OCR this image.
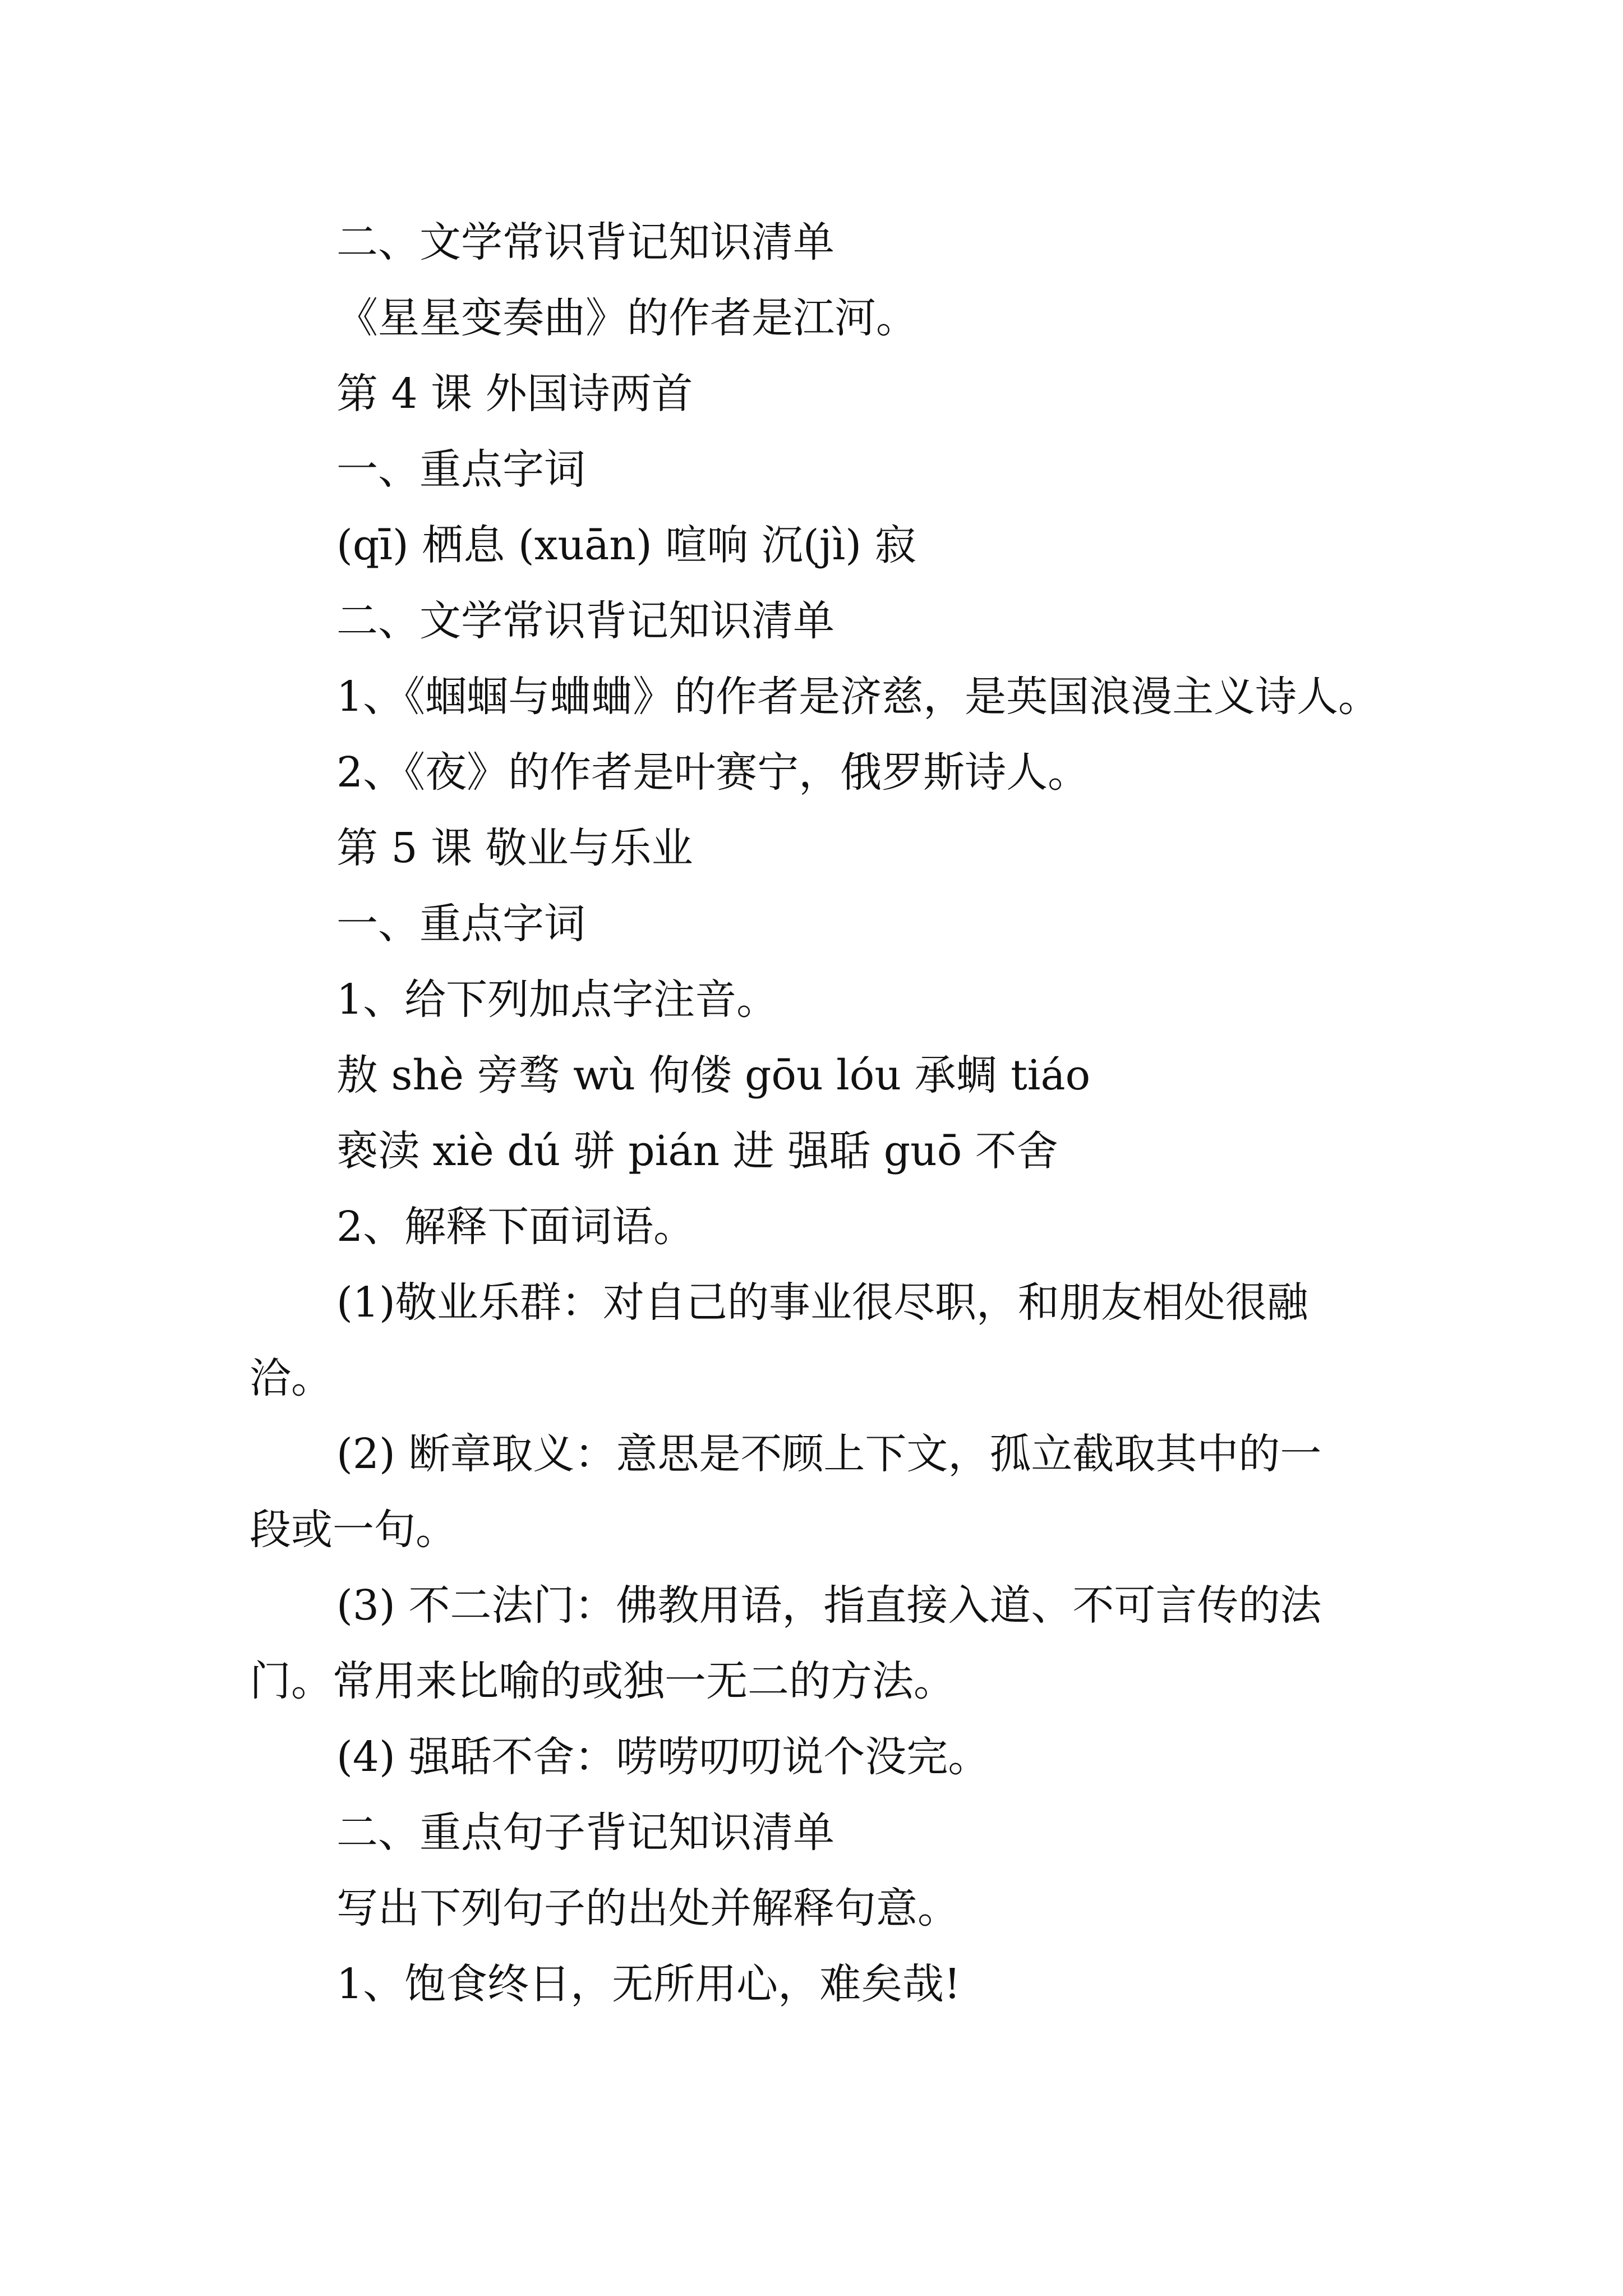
二、文学常识背记知识清单

《星星变奏曲》的作者是江河。

第 4 课 外国诗两首

一、重点字词

(qī) 栖息 (xuān) 喧响 沉(jì) 寂

二、文学常识背记知识清单

1、《蝈蝈与蛐蛐》的作者是济慈，是英国浪漫主义诗人。

2、《夜》的作者是叶赛宁，俄罗斯诗人。

第 5 课 敬业与乐业

一、重点字词

1、给下列加点字注音。

敖 shè 旁骛 wù 佝偻 gōu lóu 承蜩 tiáo

亵渎 xiè dú 骈 pián 进 强聒 guō 不舍

2、解释下面词语。

(1)敬业乐群：对自己的事业很尽职，和朋友相处很融

洽。

(2) 断章取义：意思是不顾上下文，孤立截取其中的一

段或一句。

(3) 不二法门：佛教用语，指直接入道、不可言传的法

门。常用来比喻的或独一无二的方法。

(4) 强聒不舍：唠唠叨叨说个没完。

二、重点句子背记知识清单

写出下列句子的出处并解释句意。

1、饱食终日，无所用心，难矣哉!
